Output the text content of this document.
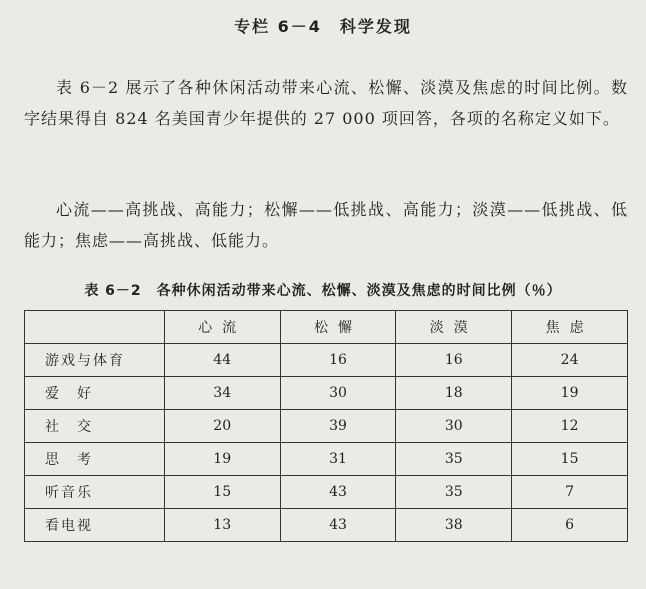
专栏 6－4　科学发现

表 6－2 展示了各种休闲活动带来心流、松懈、淡漠及焦虑的时间比例。数字结果得自 824 名美国青少年提供的 27 000 项回答，各项的名称定义如下。

心流——高挑战、高能力；松懈——低挑战、高能力；淡漠——低挑战、低能力；焦虑——高挑战、低能力。

表 6－2　各种休闲活动带来心流、松懈、淡漠及焦虑的时间比例（％）
	心流	松懈	淡漠	焦虑
游戏与体育	44	16	16	24
爱　好	34	30	18	19
社　交	20	39	30	12
思　考	19	31	35	15
听音乐	15	43	35	7
看电视	13	43	38	6
